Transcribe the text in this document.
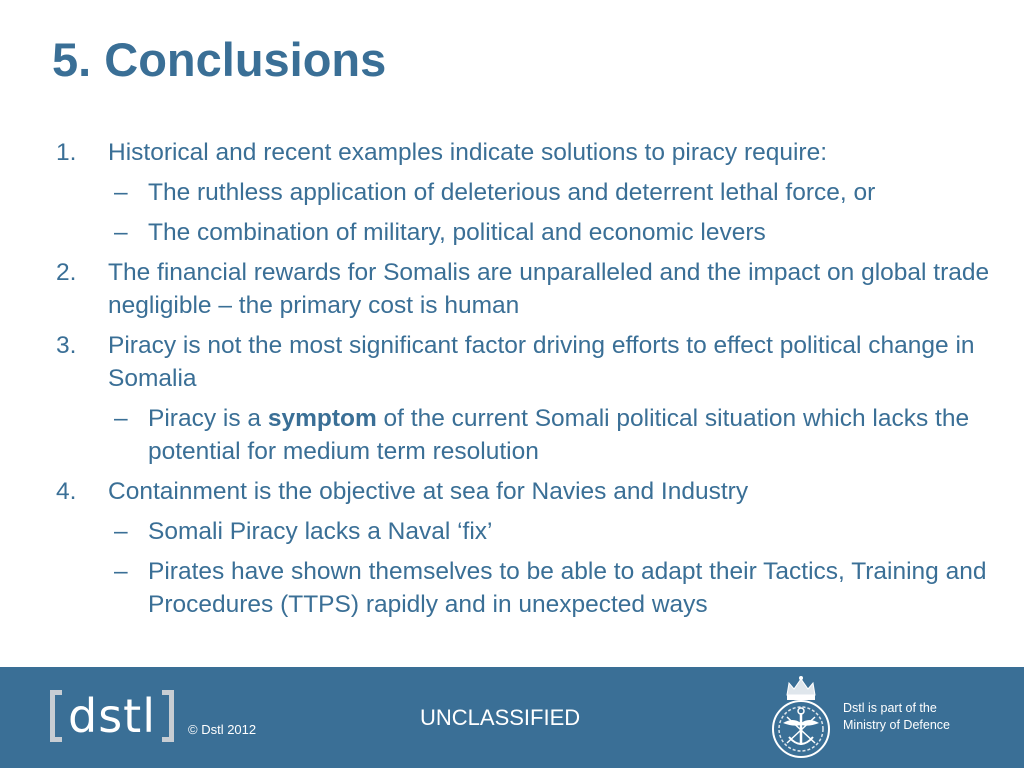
5. Conclusions
1. Historical and recent examples indicate solutions to piracy require:
– The ruthless application of deleterious and deterrent lethal force, or
– The combination of military, political and economic levers
2. The financial rewards for Somalis are unparalleled and the impact on global trade negligible – the primary cost is human
3. Piracy is not the most significant factor driving efforts to effect political change in Somalia
– Piracy is a symptom of the current Somali political situation which lacks the potential for medium term resolution
4. Containment is the objective at sea for Navies and Industry
– Somali Piracy lacks a Naval ‘fix’
– Pirates have shown themselves to be able to adapt their Tactics, Training and Procedures (TTPS) rapidly and in unexpected ways
dstl	© Dstl 2012	UNCLASSIFIED	Dstl is part of the
Ministry of Defence
